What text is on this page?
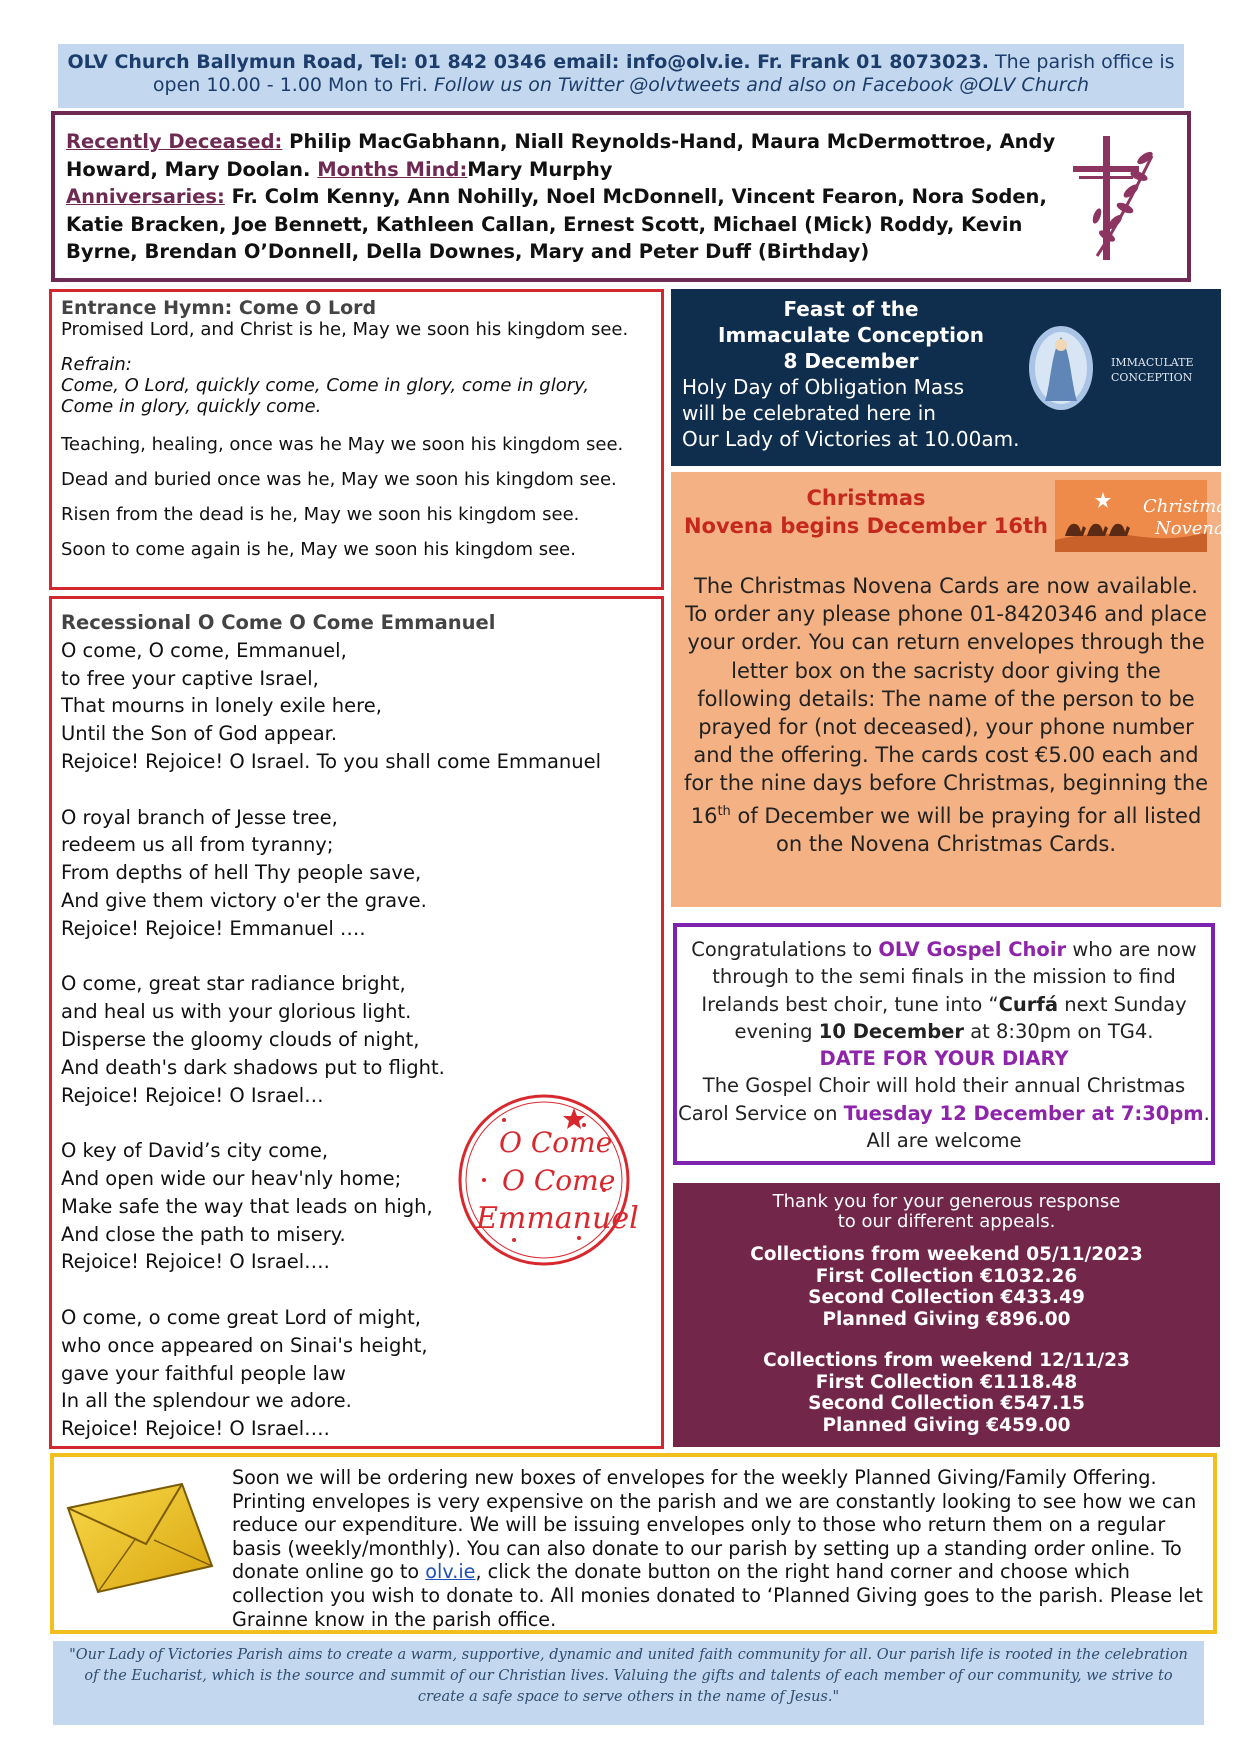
OLV Church Ballymun Road, Tel: 01 842 0346 email: info@olv.ie. Fr. Frank 01 8073023. The parish office is open 10.00 - 1.00 Mon to Fri. Follow us on Twitter @olvtweets and also on Facebook @OLV Church
Recently Deceased: Philip MacGabhann, Niall Reynolds-Hand, Maura McDermottroe, Andy Howard, Mary Doolan. Months Mind:Mary Murphy
Anniversaries: Fr. Colm Kenny, Ann Nohilly, Noel McDonnell, Vincent Fearon, Nora Soden, Katie Bracken, Joe Bennett, Kathleen Callan, Ernest Scott, Michael (Mick) Roddy, Kevin Byrne, Brendan O’Donnell, Della Downes, Mary and Peter Duff (Birthday)
Entrance Hymn: Come O Lord
Promised Lord, and Christ is he, May we soon his kingdom see.
Refrain:
Come, O Lord, quickly come, Come in glory, come in glory,
Come in glory, quickly come.
Teaching, healing, once was he May we soon his kingdom see.
Dead and buried once was he, May we soon his kingdom see.
Risen from the dead is he, May we soon his kingdom see.
Soon to come again is he, May we soon his kingdom see.
Recessional O Come O Come Emmanuel
O come, O come, Emmanuel,
to free your captive Israel,
That mourns in lonely exile here,
Until the Son of God appear.
Rejoice! Rejoice! O Israel. To you shall come Emmanuel
O royal branch of Jesse tree,
redeem us all from tyranny;
From depths of hell Thy people save,
And give them victory o'er the grave.
Rejoice! Rejoice! Emmanuel ….
O come, great star radiance bright,
and heal us with your glorious light.
Disperse the gloomy clouds of night,
And death's dark shadows put to flight.
Rejoice! Rejoice! O Israel…
O key of David’s city come,
And open wide our heav'nly home;
Make safe the way that leads on high,
And close the path to misery.
Rejoice! Rejoice! O Israel….
O come, o come great Lord of might,
who once appeared on Sinai's height,
gave your faithful people law
In all the splendour we adore.
Rejoice! Rejoice! O Israel….
O Come
O Come
Emmanuel
Feast of the
Immaculate Conception
8 December
Holy Day of Obligation Mass
will be celebrated here in
Our Lady of Victories at 10.00am.
IMMACULATE
CONCEPTION
Christmas
Novena begins December 16th
The Christmas Novena Cards are now available. To order any please phone 01-8420346 and place your order. You can return envelopes through the letter box on the sacristy door giving the following details: The name of the person to be prayed for (not deceased), your phone number and the offering. The cards cost €5.00 each and for the nine days before Christmas, beginning the 16th of December we will be praying for all listed on the Novena Christmas Cards.
Christmas
Novena
Congratulations to OLV Gospel Choir who are now through to the semi finals in the mission to find Irelands best choir, tune into “Curfá next Sunday evening 10 December at 8:30pm on TG4.
DATE FOR YOUR DIARY
The Gospel Choir will hold their annual Christmas Carol Service on Tuesday 12 December at 7:30pm. All are welcome
Thank you for your generous response
to our different appeals.
Collections from weekend 05/11/2023
First Collection €1032.26
Second Collection €433.49
Planned Giving €896.00
Collections from weekend 12/11/23
First Collection €1118.48
Second Collection €547.15
Planned Giving €459.00
Soon we will be ordering new boxes of envelopes for the weekly Planned Giving/Family Offering. Printing envelopes is very expensive on the parish and we are constantly looking to see how we can reduce our expenditure. We will be issuing envelopes only to those who return them on a regular basis (weekly/monthly). You can also donate to our parish by setting up a standing order online. To donate online go to olv.ie, click the donate button on the right hand corner and choose which collection you wish to donate to. All monies donated to ‘Planned Giving goes to the parish. Please let Grainne know in the parish office.
"Our Lady of Victories Parish aims to create a warm, supportive, dynamic and united faith community for all. Our parish life is rooted in the celebration of the Eucharist, which is the source and summit of our Christian lives. Valuing the gifts and talents of each member of our community, we strive to create a safe space to serve others in the name of Jesus."
